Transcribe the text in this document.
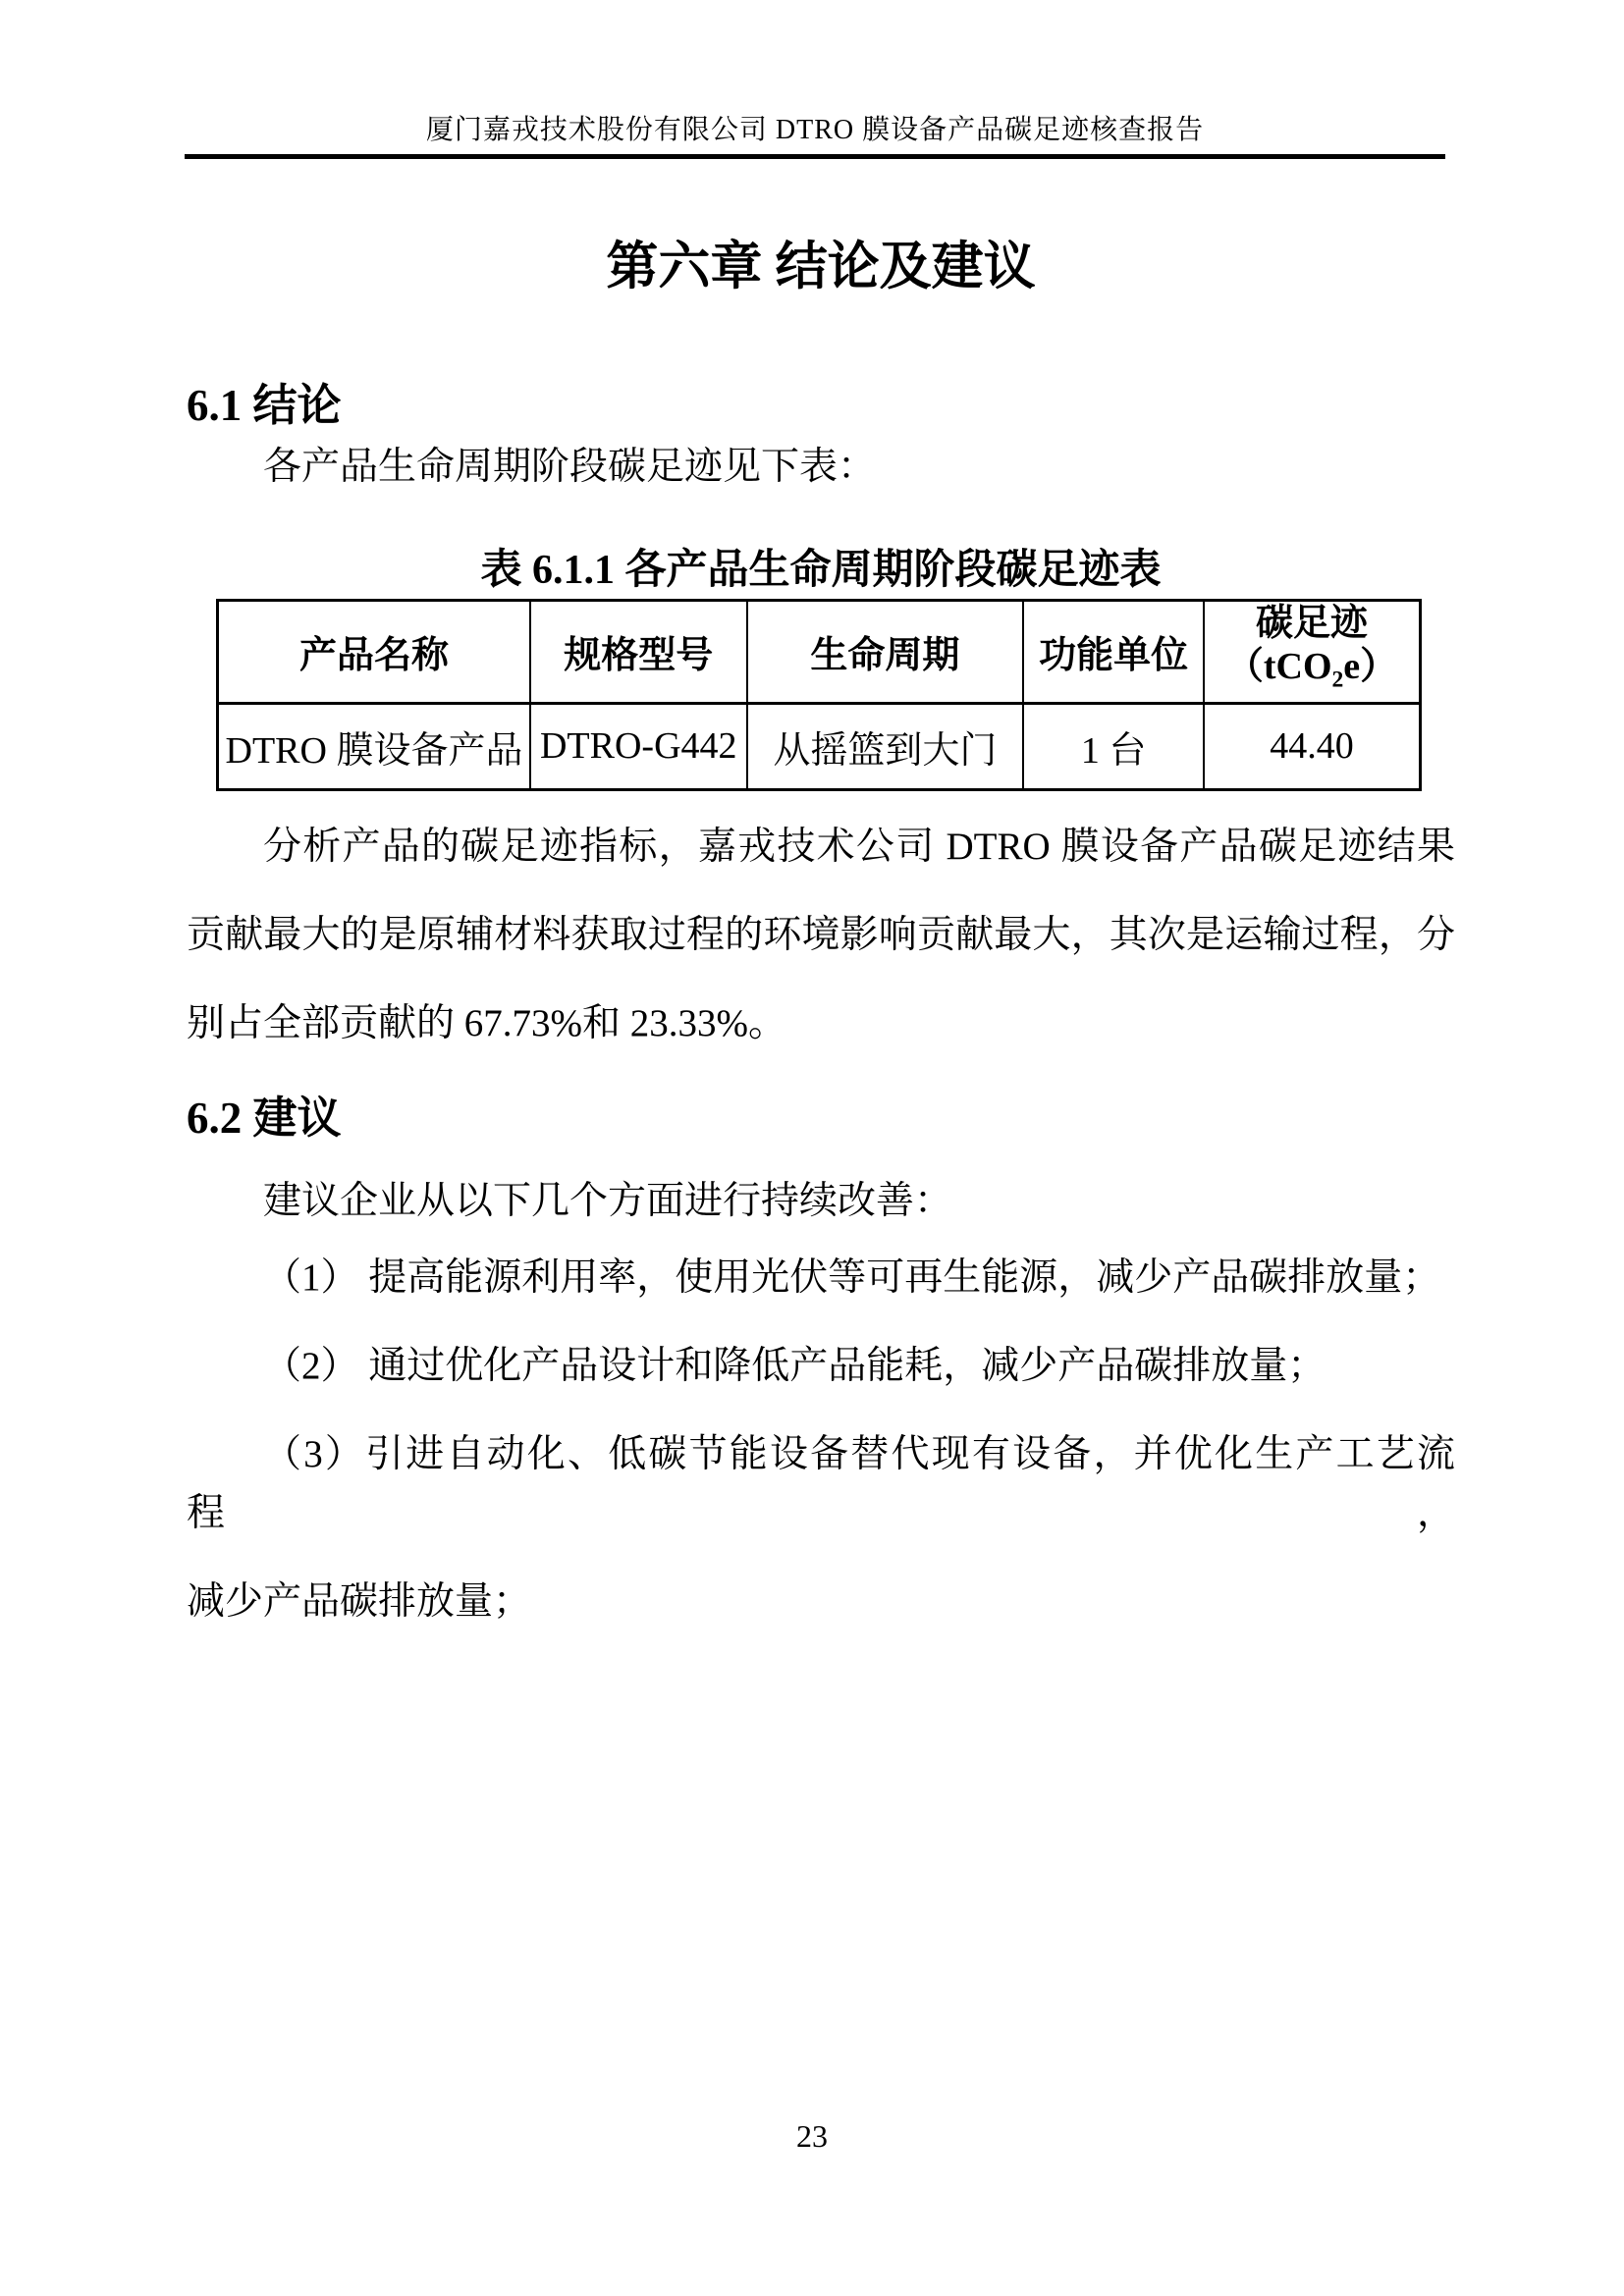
厦门嘉戎技术股份有限公司 DTRO 膜设备产品碳足迹核查报告
第六章 结论及建议
6.1 结论
各产品生命周期阶段碳足迹见下表：
表 6.1.1 各产品生命周期阶段碳足迹表
产品名称	规格型号	生命周期	功能单位	碳足迹
（tCO$_2$e）

DTRO 膜设备产品	DTRO-G442	从摇篮到大门	1 台	44.40
分析产品的碳足迹指标，嘉戎技术公司 DTRO 膜设备产品碳足迹结果
贡献最大的是原辅材料获取过程的环境影响贡献最大，其次是运输过程，分
别占全部贡献的 67.73%和 23.33%。
6.2 建议
建议企业从以下几个方面进行持续改善：
（1） 提高能源利用率，使用光伏等可再生能源，减少产品碳排放量；
（2） 通过优化产品设计和降低产品能耗，减少产品碳排放量；
（3）引进自动化、低碳节能设备替代现有设备，并优化生产工艺流程，
减少产品碳排放量；
23
